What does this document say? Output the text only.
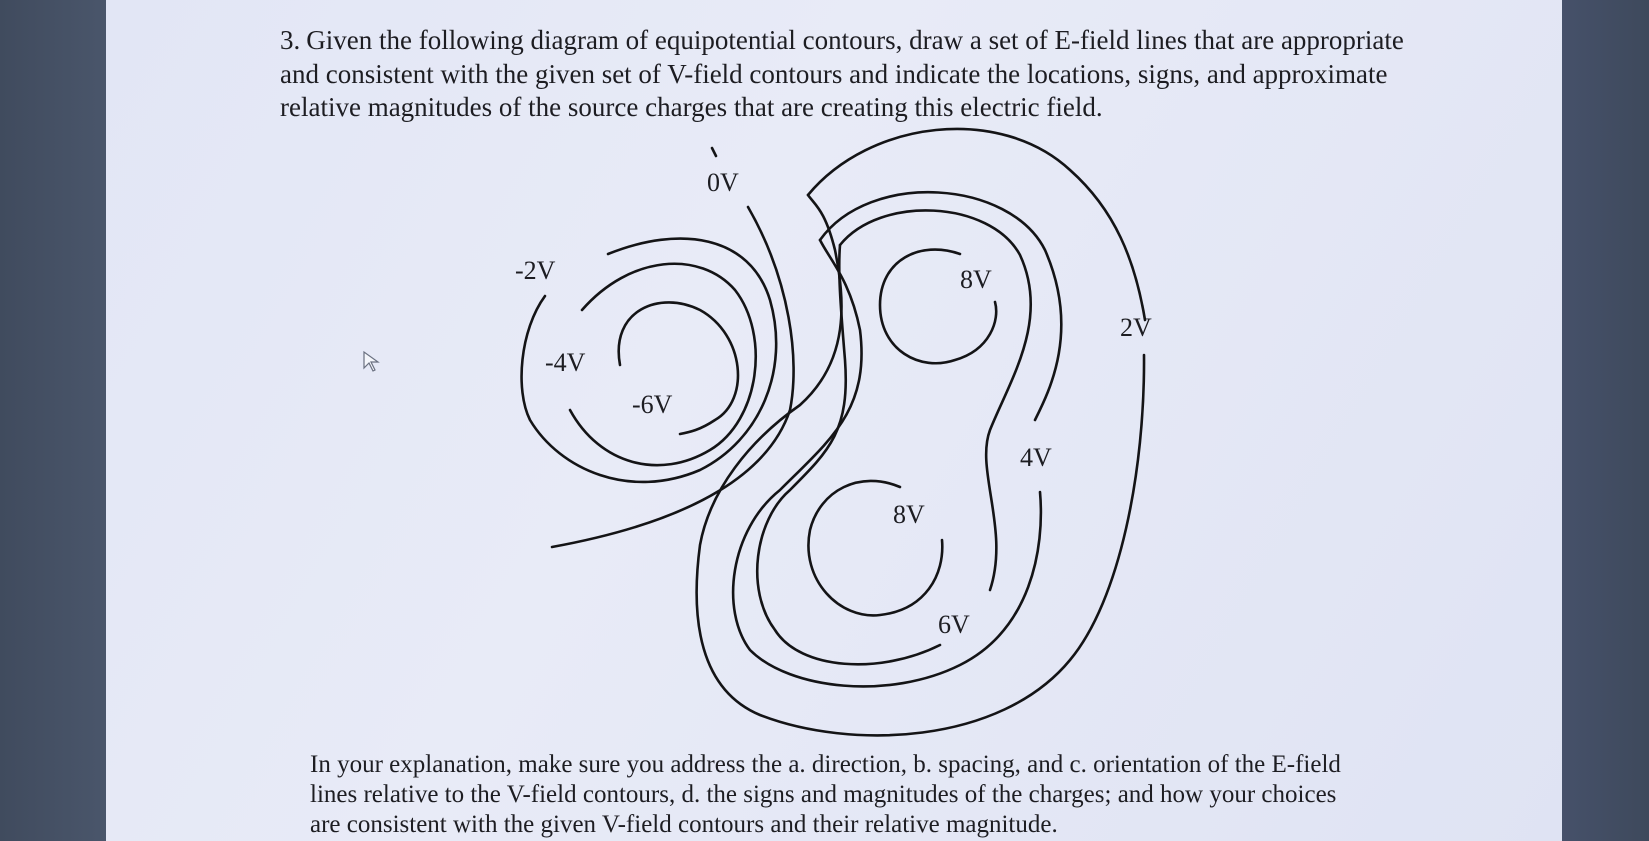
3. Given the following diagram of equipotential contours, draw a set of E-field lines that are appropriate and consistent with the given set of V-field contours and indicate the locations, signs, and approximate relative magnitudes of the source charges that are creating this electric field.
0V
-2V
-4V
-6V
8V
2V
4V
8V
6V
In your explanation, make sure you address the a. direction, b. spacing, and c. orientation of the E-field lines relative to the V-field contours, d. the signs and magnitudes of the charges; and how your choices are consistent with the given V-field contours and their relative magnitude.
